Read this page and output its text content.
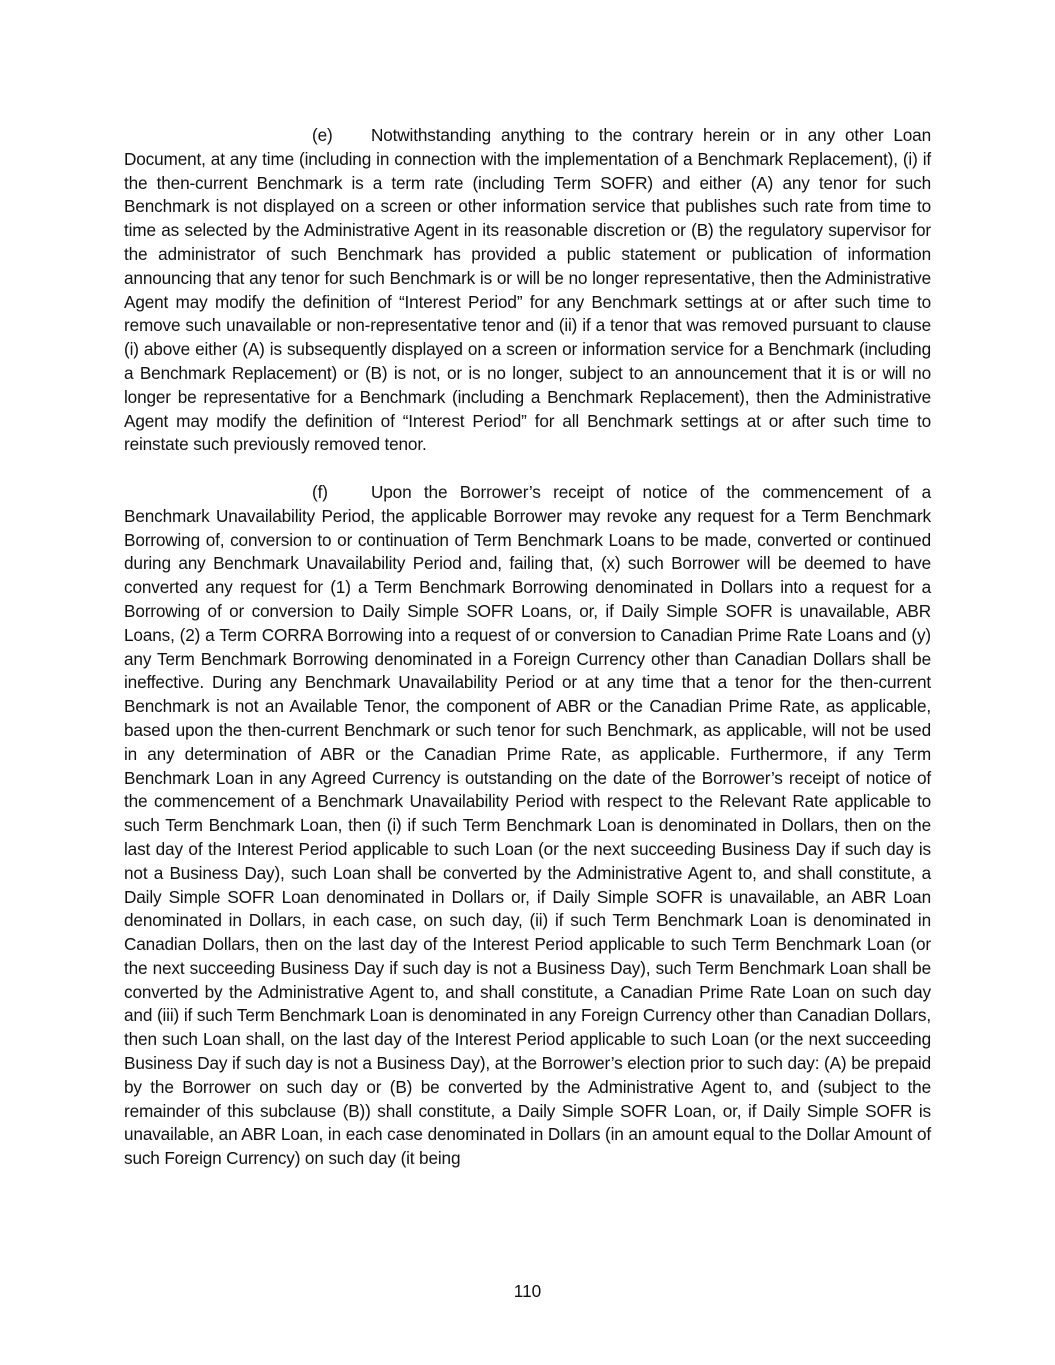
(e) Notwithstanding anything to the contrary herein or in any other Loan Document, at any time (including in connection with the implementation of a Benchmark Replacement), (i) if the then-current Benchmark is a term rate (including Term SOFR) and either (A) any tenor for such Benchmark is not displayed on a screen or other information service that publishes such rate from time to time as selected by the Administrative Agent in its reasonable discretion or (B) the regulatory supervisor for the administrator of such Benchmark has provided a public statement or publication of information announcing that any tenor for such Benchmark is or will be no longer representative, then the Administrative Agent may modify the definition of “Interest Period” for any Benchmark settings at or after such time to remove such unavailable or non-representative tenor and (ii) if a tenor that was removed pursuant to clause (i) above either (A) is subsequently displayed on a screen or information service for a Benchmark (including a Benchmark Replacement) or (B) is not, or is no longer, subject to an announcement that it is or will no longer be representative for a Benchmark (including a Benchmark Replacement), then the Administrative Agent may modify the definition of “Interest Period” for all Benchmark settings at or after such time to reinstate such previously removed tenor.

(f)	Upon the Borrower’s receipt of notice of the commencement of a Benchmark Unavailability Period, the applicable Borrower may revoke any request for a Term Benchmark Borrowing of, conversion to or continuation of Term Benchmark Loans to be made, converted or continued during any Benchmark Unavailability Period and, failing that, (x) such Borrower will be deemed to have converted any request for (1) a Term Benchmark Borrowing denominated in Dollars into a request for a Borrowing of or conversion to Daily Simple SOFR Loans, or, if Daily Simple SOFR is unavailable, ABR Loans, (2) a Term CORRA Borrowing into a request of or conversion to Canadian Prime Rate Loans and (y) any Term Benchmark Borrowing denominated in a Foreign Currency other than Canadian Dollars shall be ineffective. During any Benchmark Unavailability Period or at any time that a tenor for the then-current Benchmark is not an Available Tenor, the component of ABR or the Canadian Prime Rate, as applicable, based upon the then-current Benchmark or such tenor for such Benchmark, as applicable, will not be used in any determination of ABR or the Canadian Prime Rate, as applicable. Furthermore, if any Term Benchmark Loan in any Agreed Currency is outstanding on the date of the Borrower’s receipt of notice of the commencement of a Benchmark Unavailability Period with respect to the Relevant Rate applicable to such Term Benchmark Loan, then (i) if such Term Benchmark Loan is denominated in Dollars, then on the last day of the Interest Period applicable to such Loan (or the next succeeding Business Day if such day is not a Business Day), such Loan shall be converted by the Administrative Agent to, and shall constitute, a Daily Simple SOFR Loan denominated in Dollars or, if Daily Simple SOFR is unavailable, an ABR Loan denominated in Dollars, in each case, on such day, (ii) if such Term Benchmark Loan is denominated in Canadian Dollars, then on the last day of the Interest Period applicable to such Term Benchmark Loan (or the next succeeding Business Day if such day is not a Business Day), such Term Benchmark Loan shall be converted by the Administrative Agent to, and shall constitute, a Canadian Prime Rate Loan on such day and (iii) if such Term Benchmark Loan is denominated in any Foreign Currency other than Canadian Dollars, then such Loan shall, on the last day of the Interest Period applicable to such Loan (or the next succeeding Business Day if such day is not a Business Day), at the Borrower’s election prior to such day: (A) be prepaid by the Borrower on such day or (B) be converted by the Administrative Agent to, and (subject to the remainder of this subclause (B)) shall constitute, a Daily Simple SOFR Loan, or, if Daily Simple SOFR is unavailable, an ABR Loan, in each case denominated in Dollars (in an amount equal to the Dollar Amount of such Foreign Currency) on such day (it being

110
